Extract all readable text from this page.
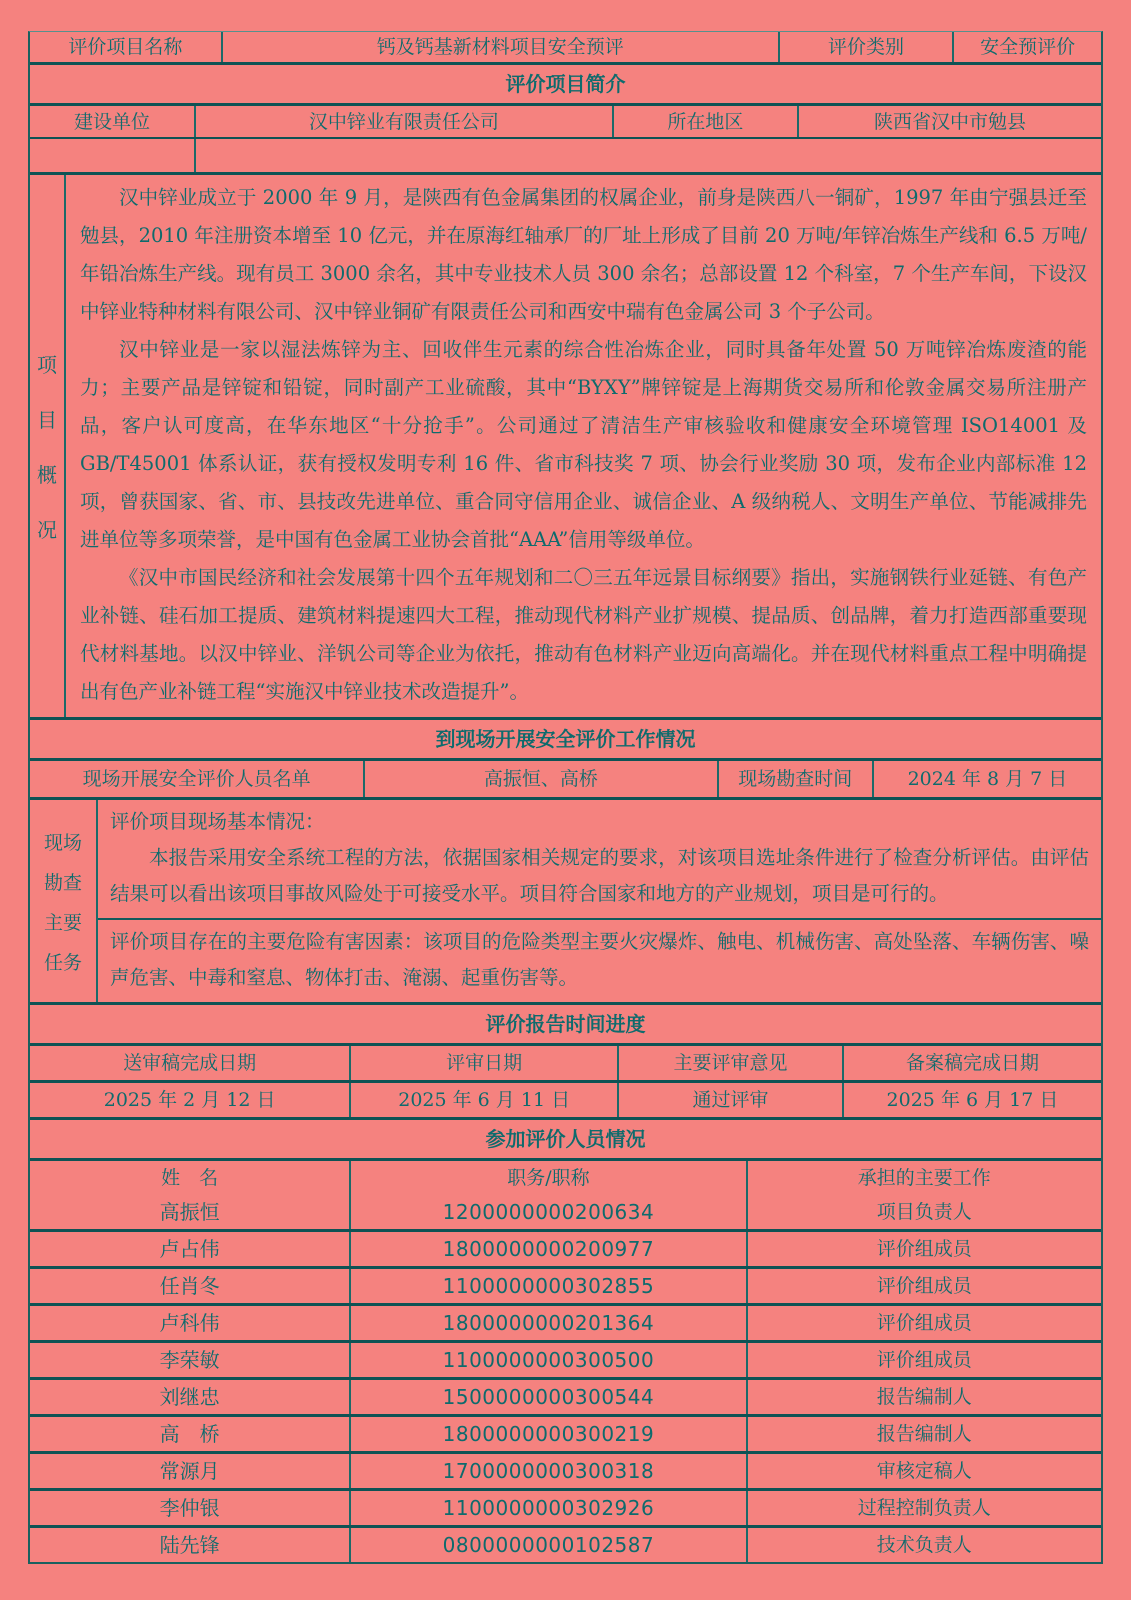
评价项目名称	钙及钙基新材料项目安全预评	评价类别	安全预评价
评价项目简介
建设单位	汉中锌业有限责任公司	所在地区	陕西省汉中市勉县
项
目
概
况

汉中锌业成立于 2000 年 9 月，是陕西有色金属集团的权属企业，前身是陕西八一铜矿，1997 年由宁强县迁至勉县，2010 年注册资本增至 10 亿元，并在原海红轴承厂的厂址上形成了目前 20 万吨/年锌冶炼生产线和 6.5 万吨/年铅冶炼生产线。现有员工 3000 余名，其中专业技术人员 300 余名；总部设置 12 个科室，7 个生产车间，下设汉中锌业特种材料有限公司、汉中锌业铜矿有限责任公司和西安中瑞有色金属公司 3 个子公司。

汉中锌业是一家以湿法炼锌为主、回收伴生元素的综合性冶炼企业，同时具备年处置 50 万吨锌冶炼废渣的能力；主要产品是锌锭和铅锭，同时副产工业硫酸，其中“BYXY”牌锌锭是上海期货交易所和伦敦金属交易所注册产品，客户认可度高，在华东地区“十分抢手”。公司通过了清洁生产审核验收和健康安全环境管理 ISO14001 及 GB/T45001 体系认证，获有授权发明专利 16 件、省市科技奖 7 项、协会行业奖励 30 项，发布企业内部标准 12 项，曾获国家、省、市、县技改先进单位、重合同守信用企业、诚信企业、A 级纳税人、文明生产单位、节能减排先进单位等多项荣誉，是中国有色金属工业协会首批“AAA”信用等级单位。

《汉中市国民经济和社会发展第十四个五年规划和二〇三五年远景目标纲要》指出，实施钢铁行业延链、有色产业补链、硅石加工提质、建筑材料提速四大工程，推动现代材料产业扩规模、提品质、创品牌，着力打造西部重要现代材料基地。以汉中锌业、洋钒公司等企业为依托，推动有色材料产业迈向高端化。并在现代材料重点工程中明确提出有色产业补链工程“实施汉中锌业技术改造提升”。

到现场开展安全评价工作情况
现场开展安全评价人员名单	高振恒、高桥	现场勘查时间	2024 年 8 月 7 日
现场
勘查
主要
任务

评价项目现场基本情况：

本报告采用安全系统工程的方法，依据国家相关规定的要求，对该项目选址条件进行了检查分析评估。由评估结果可以看出该项目事故风险处于可接受水平。项目符合国家和地方的产业规划，项目是可行的。

评价项目存在的主要危险有害因素：该项目的危险类型主要火灾爆炸、触电、机械伤害、高处坠落、车辆伤害、噪声危害、中毒和窒息、物体打击、淹溺、起重伤害等。

评价报告时间进度
送审稿完成日期	评审日期	主要评审意见	备案稿完成日期
2025 年 2 月 12 日	2025 年 6 月 11 日	通过评审	2025 年 6 月 17 日
参加评价人员情况
姓　名	职务/职称	承担的主要工作
高振恒	1200000000200634	项目负责人
卢占伟	1800000000200977	评价组成员
任肖冬	1100000000302855	评价组成员
卢科伟	1800000000201364	评价组成员
李荣敏	1100000000300500	评价组成员
刘继忠	1500000000300544	报告编制人
高　桥	1800000000300219	报告编制人
常源月	1700000000300318	审核定稿人
李仲银	1100000000302926	过程控制负责人
陆先锋	0800000000102587	技术负责人
